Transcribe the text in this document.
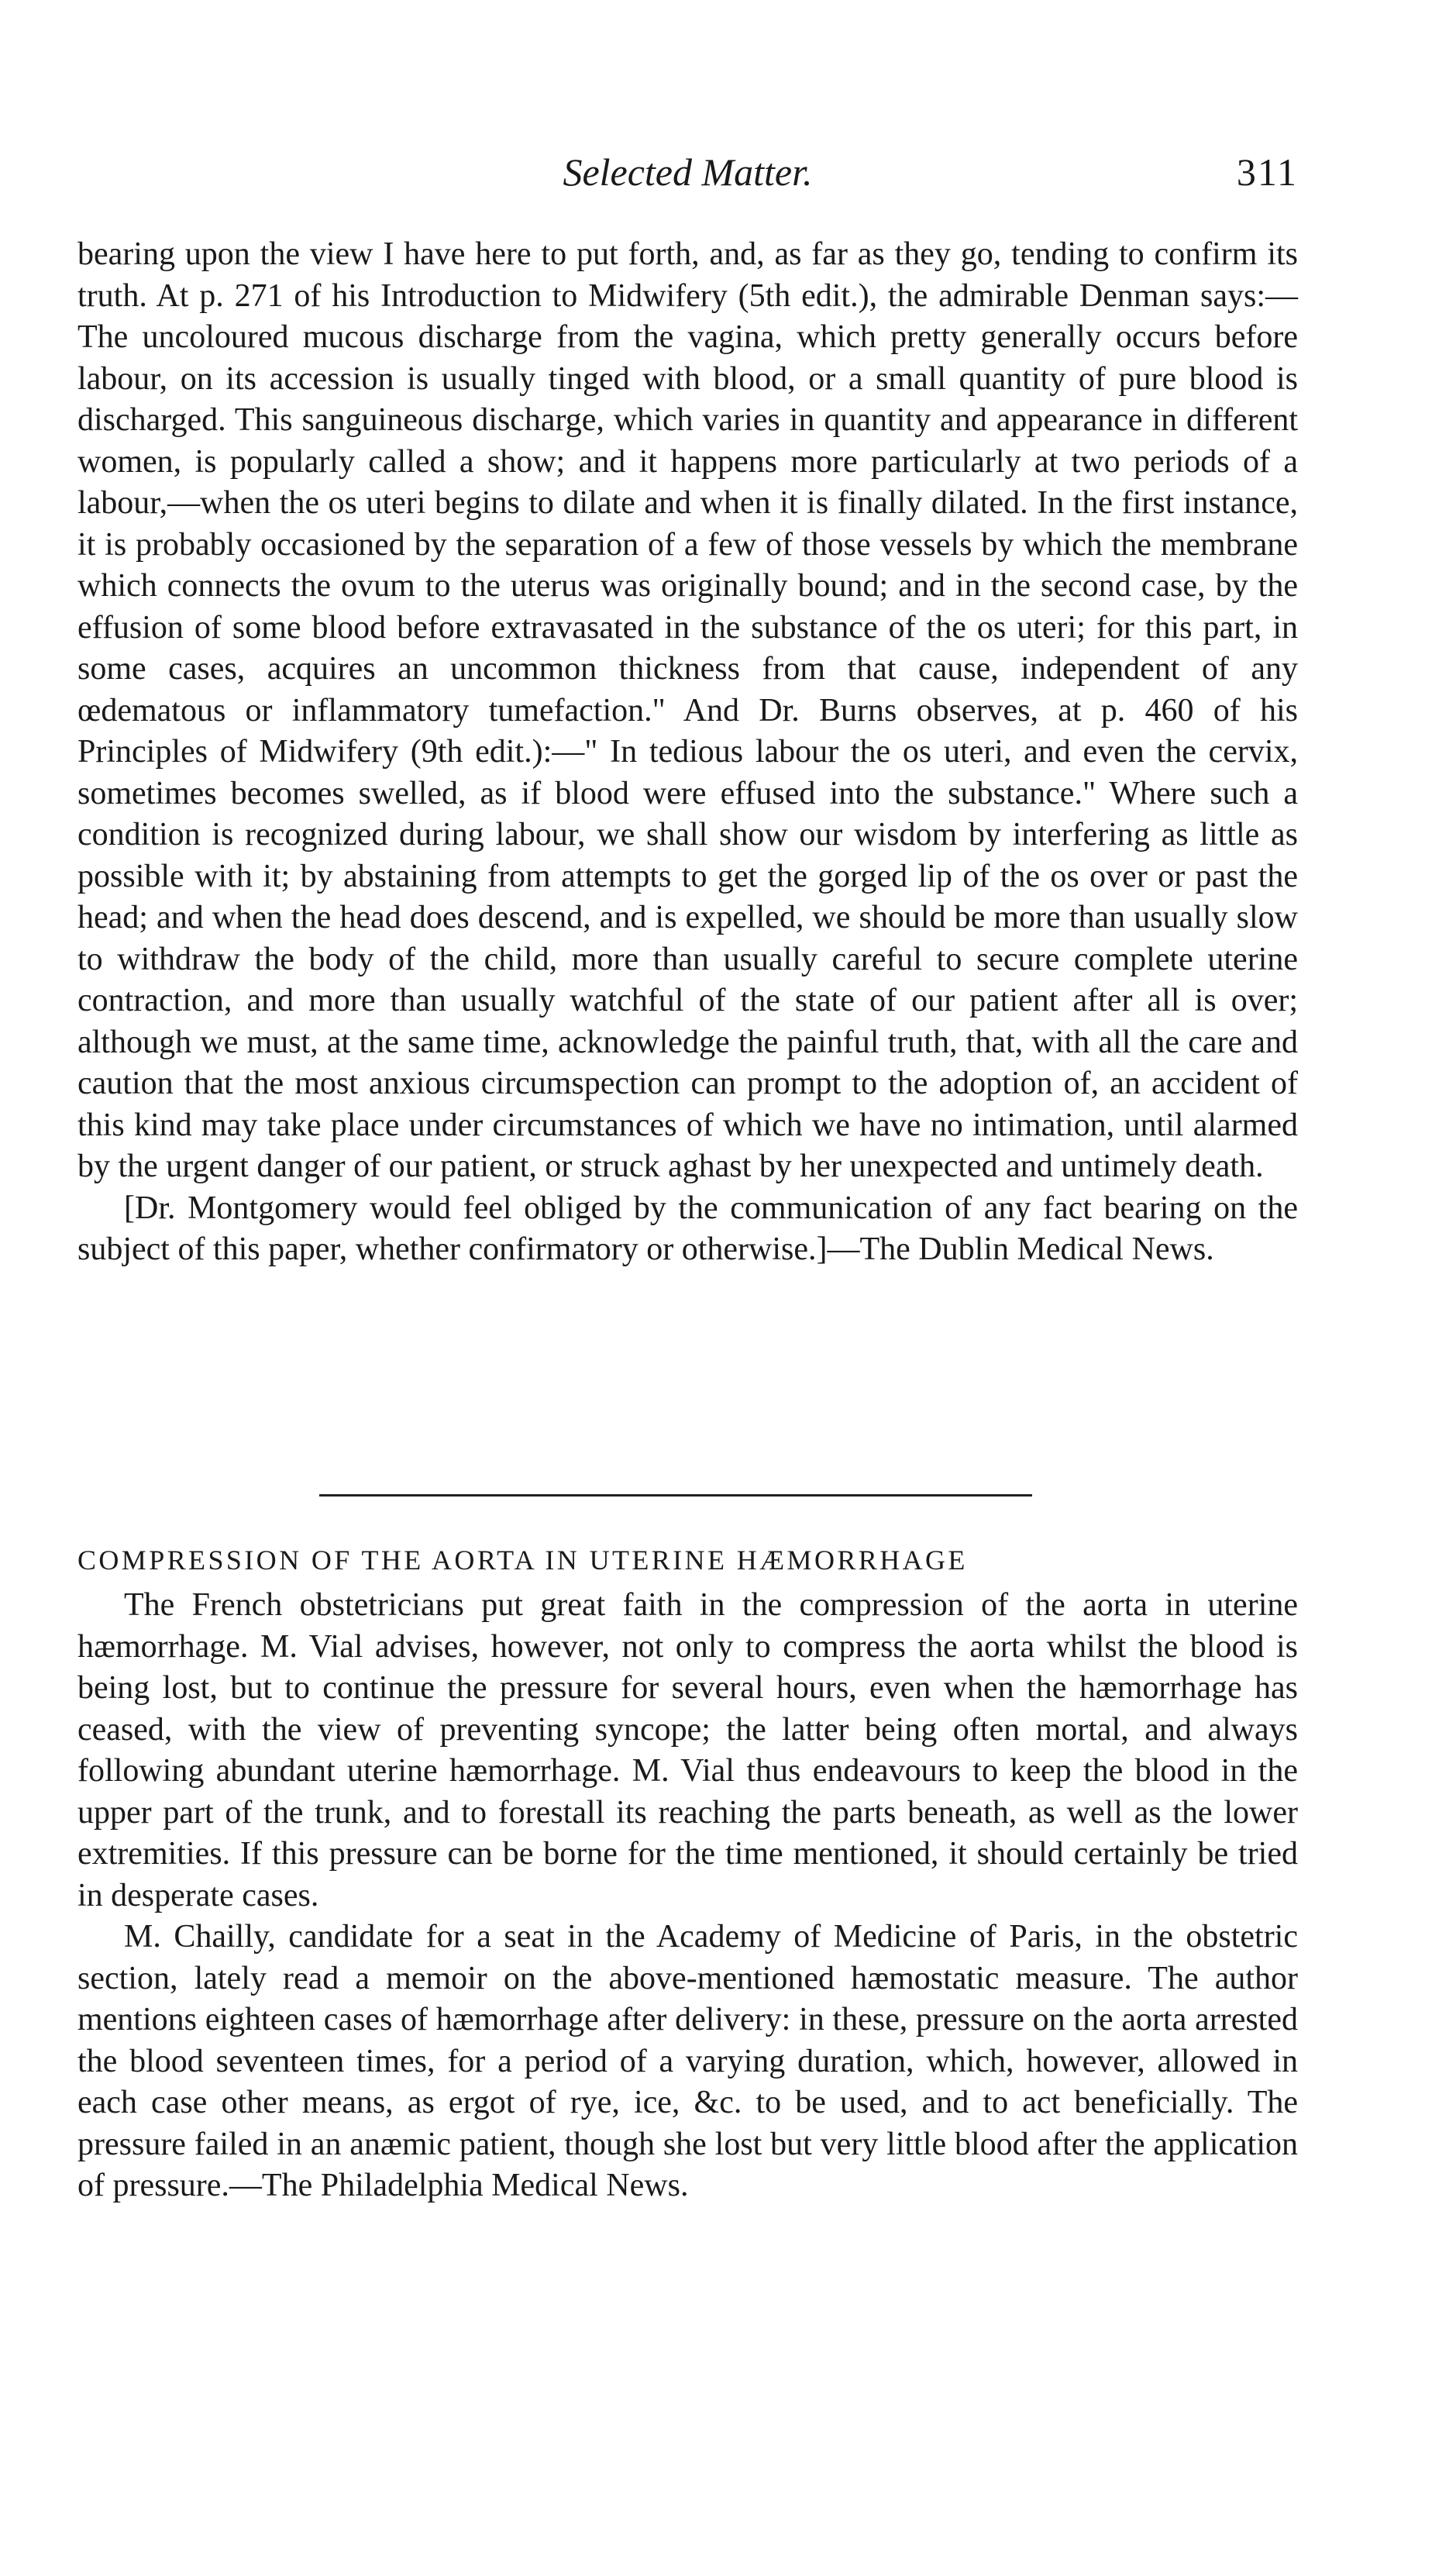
Selected Matter.	311

bearing upon the view I have here to put forth, and, as far as they go, tending to confirm its truth. At p. 271 of his Introduction to Midwifery (5th edit.), the admirable Denman says:—The uncoloured mucous discharge from the vagina, which pretty generally occurs before labour, on its accession is usually tinged with blood, or a small quantity of pure blood is discharged. This sanguineous discharge, which varies in quantity and appearance in different women, is popularly called a show; and it happens more particularly at two periods of a labour,—when the os uteri begins to dilate and when it is finally dilated. In the first instance, it is probably occasioned by the separation of a few of those vessels by which the membrane which connects the ovum to the uterus was originally bound; and in the second case, by the effusion of some blood before extravasated in the substance of the os uteri; for this part, in some cases, acquires an uncommon thickness from that cause, independent of any œdematous or inflammatory tumefaction." And Dr. Burns observes, at p. 460 of his Principles of Midwifery (9th edit.):—" In tedious labour the os uteri, and even the cervix, sometimes becomes swelled, as if blood were effused into the substance." Where such a condition is recognized during labour, we shall show our wisdom by interfering as little as possible with it; by abstaining from attempts to get the gorged lip of the os over or past the head; and when the head does descend, and is expelled, we should be more than usually slow to withdraw the body of the child, more than usually careful to secure complete uterine contraction, and more than usually watchful of the state of our patient after all is over; although we must, at the same time, acknowledge the painful truth, that, with all the care and caution that the most anxious circumspection can prompt to the adoption of, an accident of this kind may take place under circumstances of which we have no intimation, until alarmed by the urgent danger of our patient, or struck aghast by her unexpected and untimely death.

[Dr. Montgomery would feel obliged by the communication of any fact bearing on the subject of this paper, whether confirmatory or otherwise.]—The Dublin Medical News.

COMPRESSION OF THE AORTA IN UTERINE HÆMORRHAGE

The French obstetricians put great faith in the compression of the aorta in uterine hæmorrhage. M. Vial advises, however, not only to compress the aorta whilst the blood is being lost, but to continue the pressure for several hours, even when the hæmorrhage has ceased, with the view of preventing syncope; the latter being often mortal, and always following abundant uterine hæmorrhage. M. Vial thus endeavours to keep the blood in the upper part of the trunk, and to forestall its reaching the parts beneath, as well as the lower extremities. If this pressure can be borne for the time mentioned, it should certainly be tried in desperate cases.

M. Chailly, candidate for a seat in the Academy of Medicine of Paris, in the obstetric section, lately read a memoir on the above-mentioned hæmostatic measure. The author mentions eighteen cases of hæmorrhage after delivery: in these, pressure on the aorta arrested the blood seventeen times, for a period of a varying duration, which, however, allowed in each case other means, as ergot of rye, ice, &c. to be used, and to act beneficially. The pressure failed in an anæmic patient, though she lost but very little blood after the application of pressure.—The Philadelphia Medical News.
